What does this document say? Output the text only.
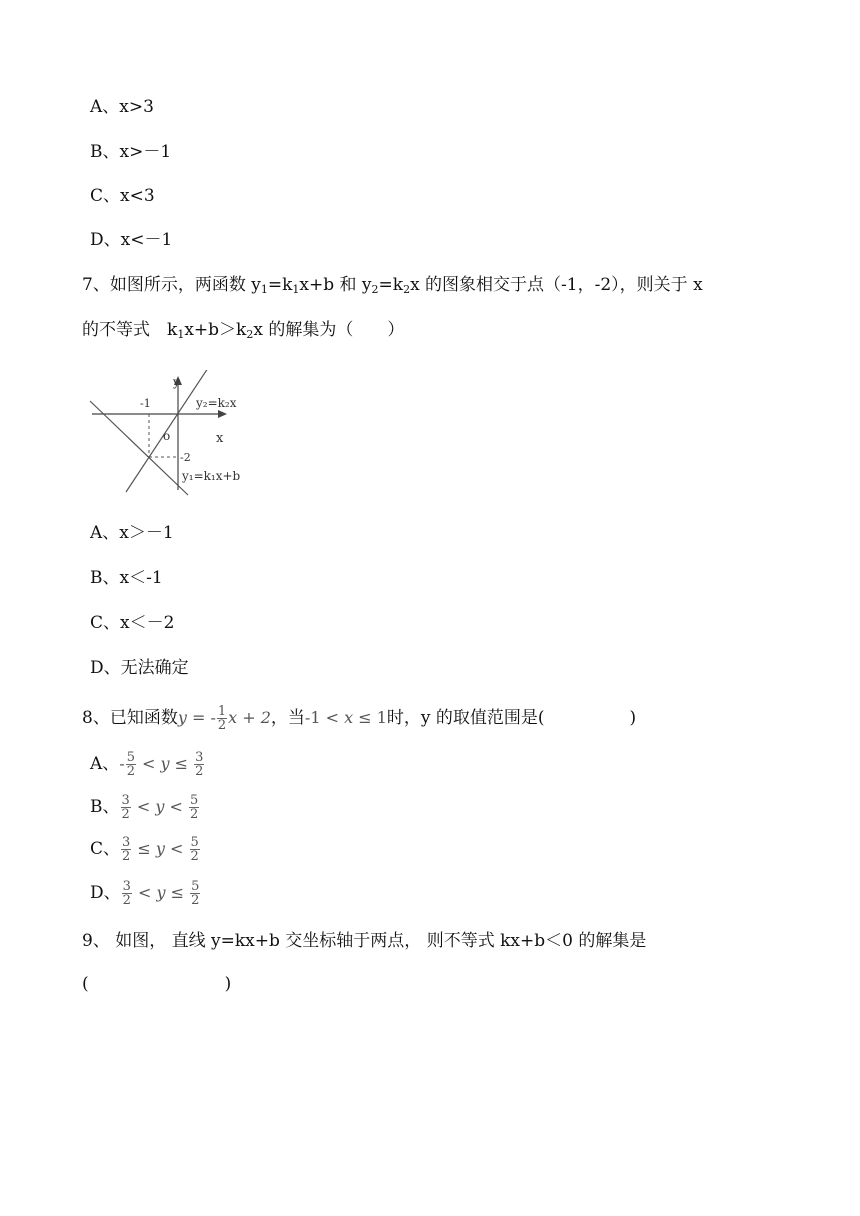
A、x>3
B、x>－1
C、x<3
D、x<－1
7、如图所示，两函数 $y_1=k_1x+b$ 和 $y_2=k_2x$ 的图象相交于点（-1，-2），则关于 x
的不等式　$k_1x+b>k_2x$ 的解集为（　　）
y
x
o
-1
-2
y₂=k₂x
y₁=k₁x+b
A、x＞－1
B、x＜-1
C、x＜－2
D、无法确定
8、已知函数y = - $\frac{1}{2}$ x + 2，当-1 < x ≤ 1时，y 的取值范围是(　　　　　)
A、- $\frac{5}{2} < y \le \frac{3}{2}$
B、 $\frac{3}{2} < y < \frac{5}{2}$
C、 $\frac{3}{2} \le y < \frac{5}{2}$
D、 $\frac{3}{2} < y \le \frac{5}{2}$
9、 如图， 直线 y=kx+b 交坐标轴于两点， 则不等式 kx+b＜0 的解集是
(　　　　　　　　)
